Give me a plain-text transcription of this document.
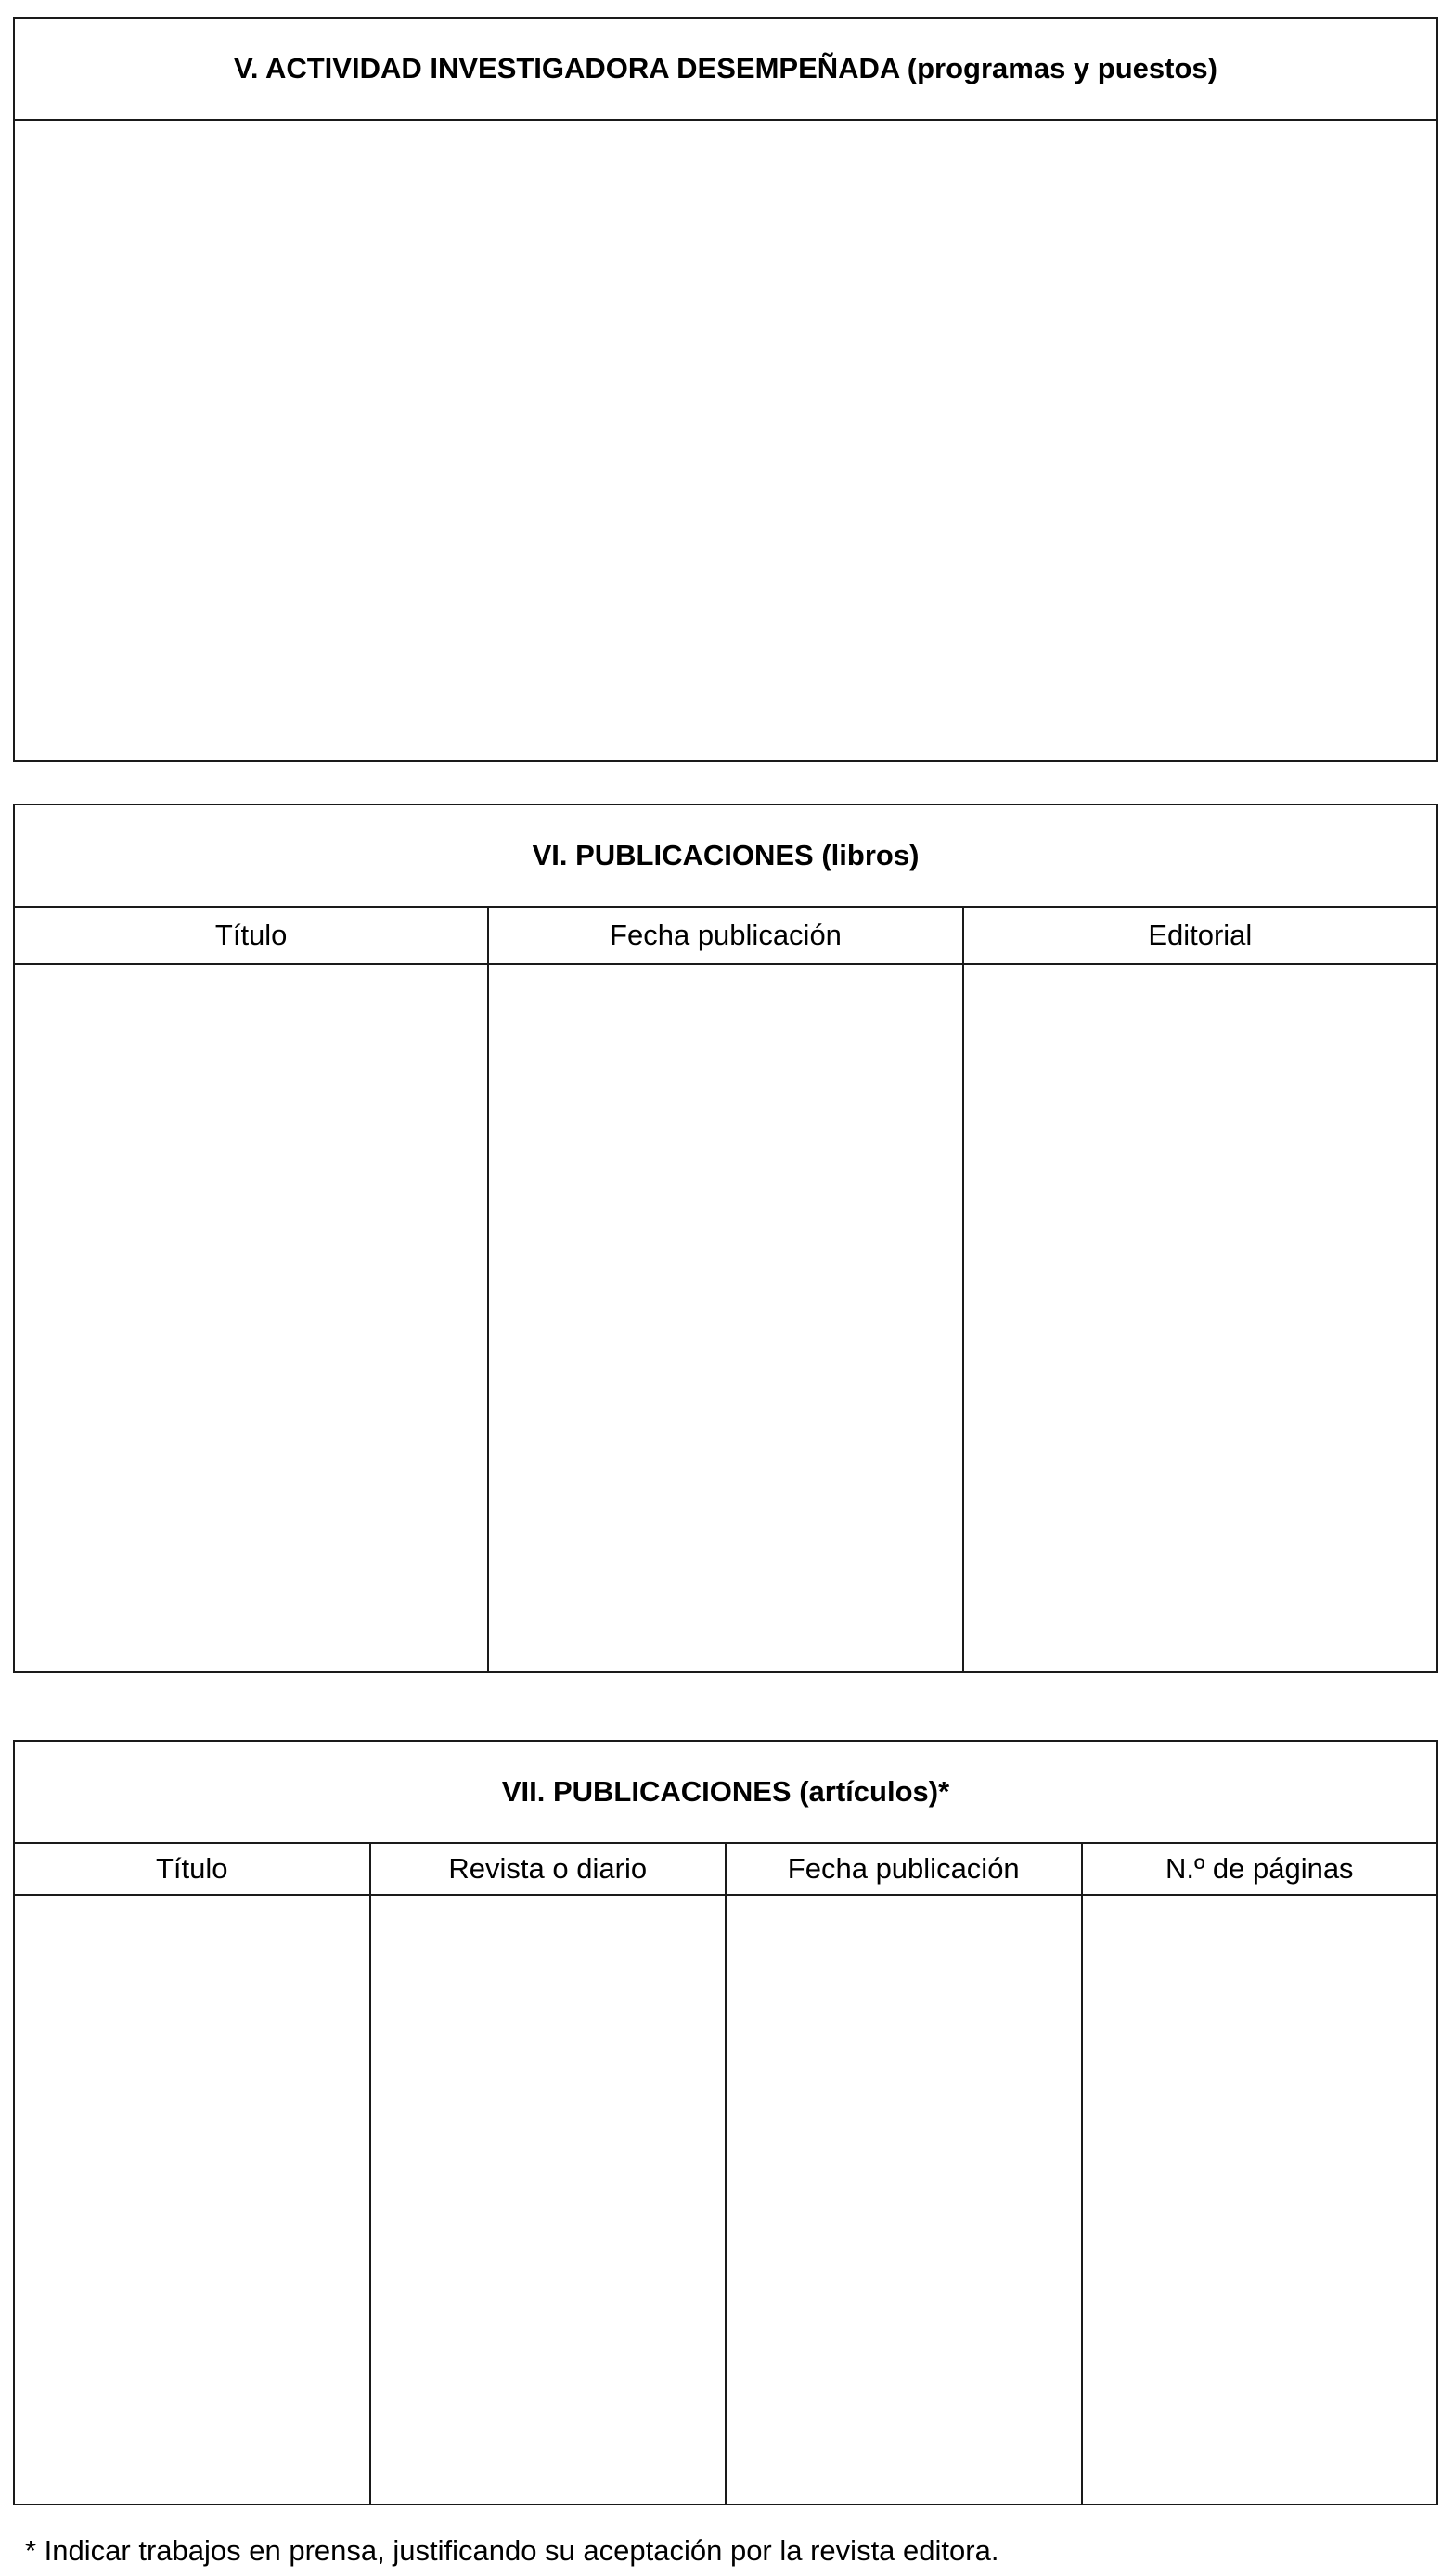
V. ACTIVIDAD INVESTIGADORA DESEMPEÑADA (programas y puestos)
VI. PUBLICACIONES (libros)
Título	Fecha publicación	Editorial
VII. PUBLICACIONES (artículos)*
Título	Revista o diario	Fecha publicación	N.º de páginas
* Indicar trabajos en prensa, justificando su aceptación por la revista editora.
